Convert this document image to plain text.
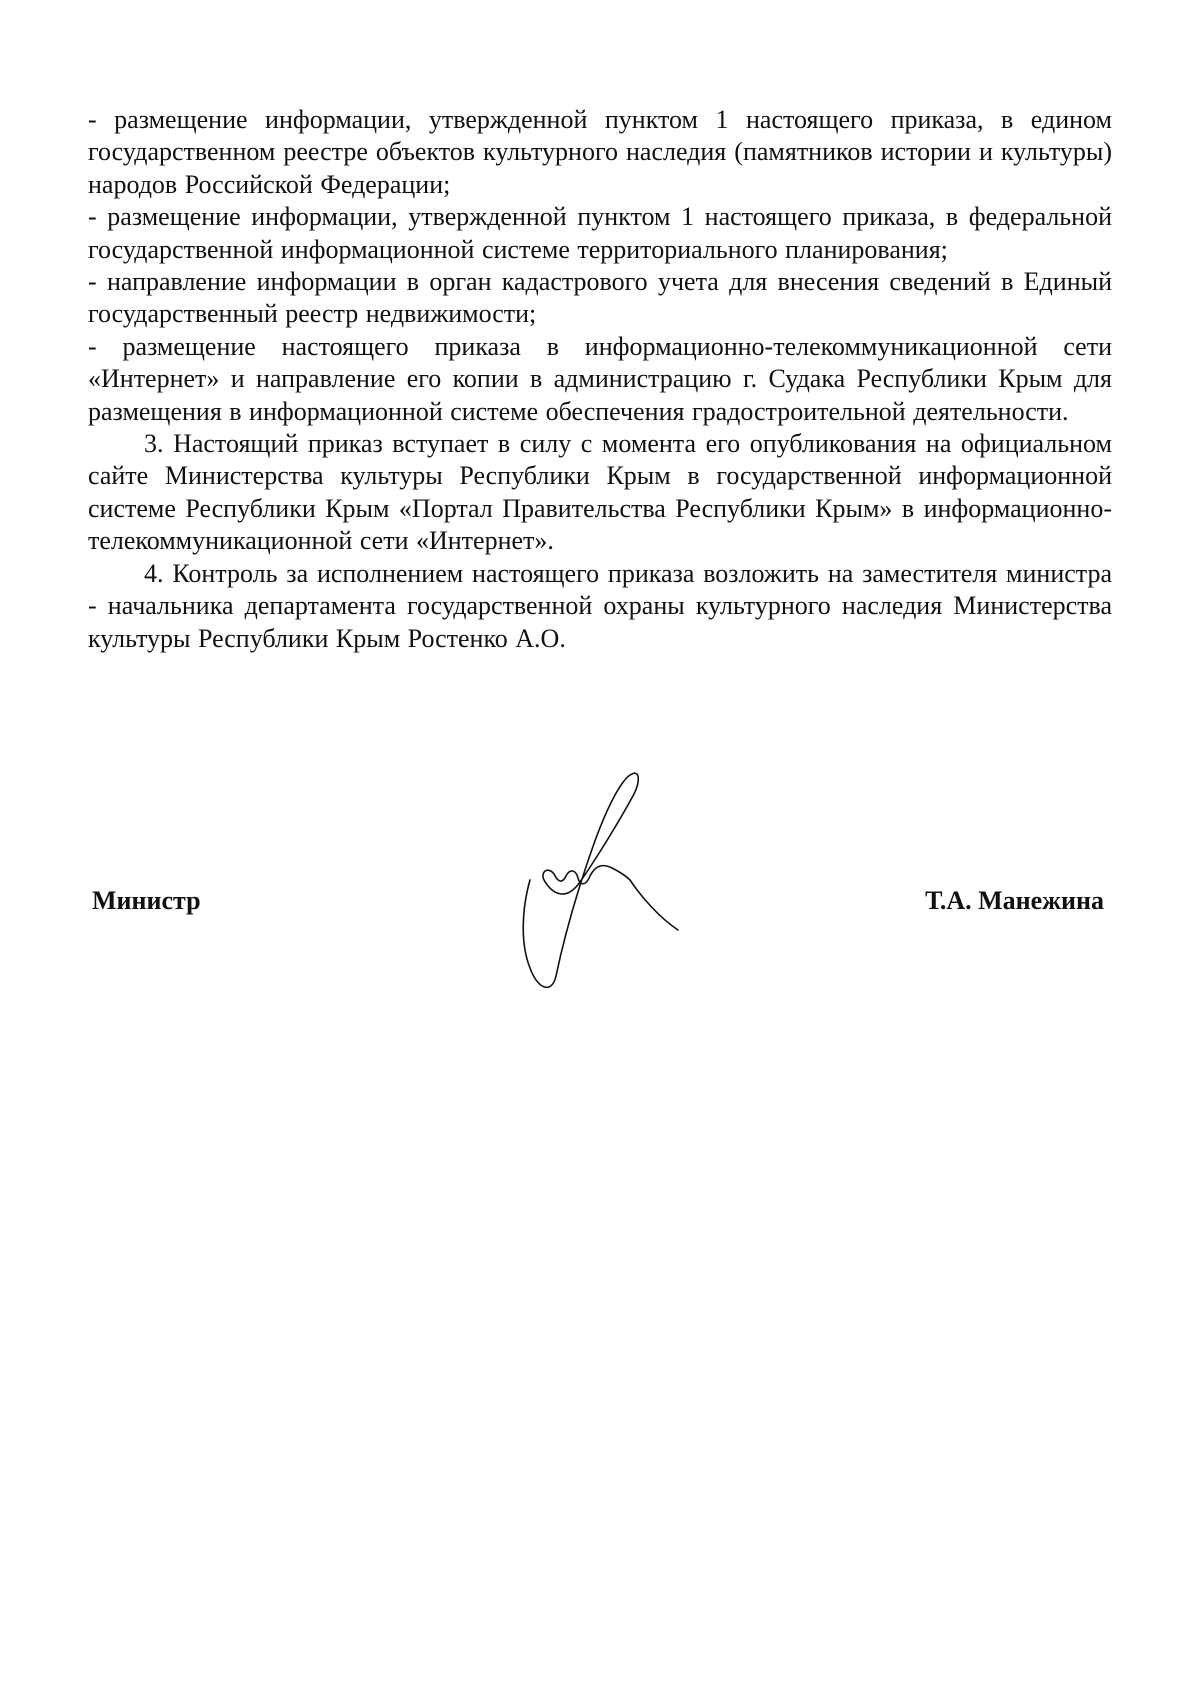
- размещение информации, утвержденной пунктом 1 настоящего приказа, в едином государственном реестре объектов культурного наследия (памятников истории и культуры) народов Российской Федерации;

- размещение информации, утвержденной пунктом 1 настоящего приказа, в федеральной государственной информационной системе территориального планирования;

- направление информации в орган кадастрового учета для внесения сведений в Единый государственный реестр недвижимости;

- размещение настоящего приказа в информационно-телекоммуникационной сети «Интернет» и направление его копии в администрацию г. Судака Республики Крым для размещения в информационной системе обеспечения градостроительной деятельности.

3. Настоящий приказ вступает в силу с момента его опубликования на официальном сайте Министерства культуры Республики Крым в государственной информационной системе Республики Крым «Портал Правительства Республики Крым» в информационно-телекоммуникационной сети «Интернет».

4. Контроль за исполнением настоящего приказа возложить на заместителя министра - начальника департамента государственной охраны культурного наследия Министерства культуры Республики Крым Ростенко А.О.

Министр	Т.А. Манежина
